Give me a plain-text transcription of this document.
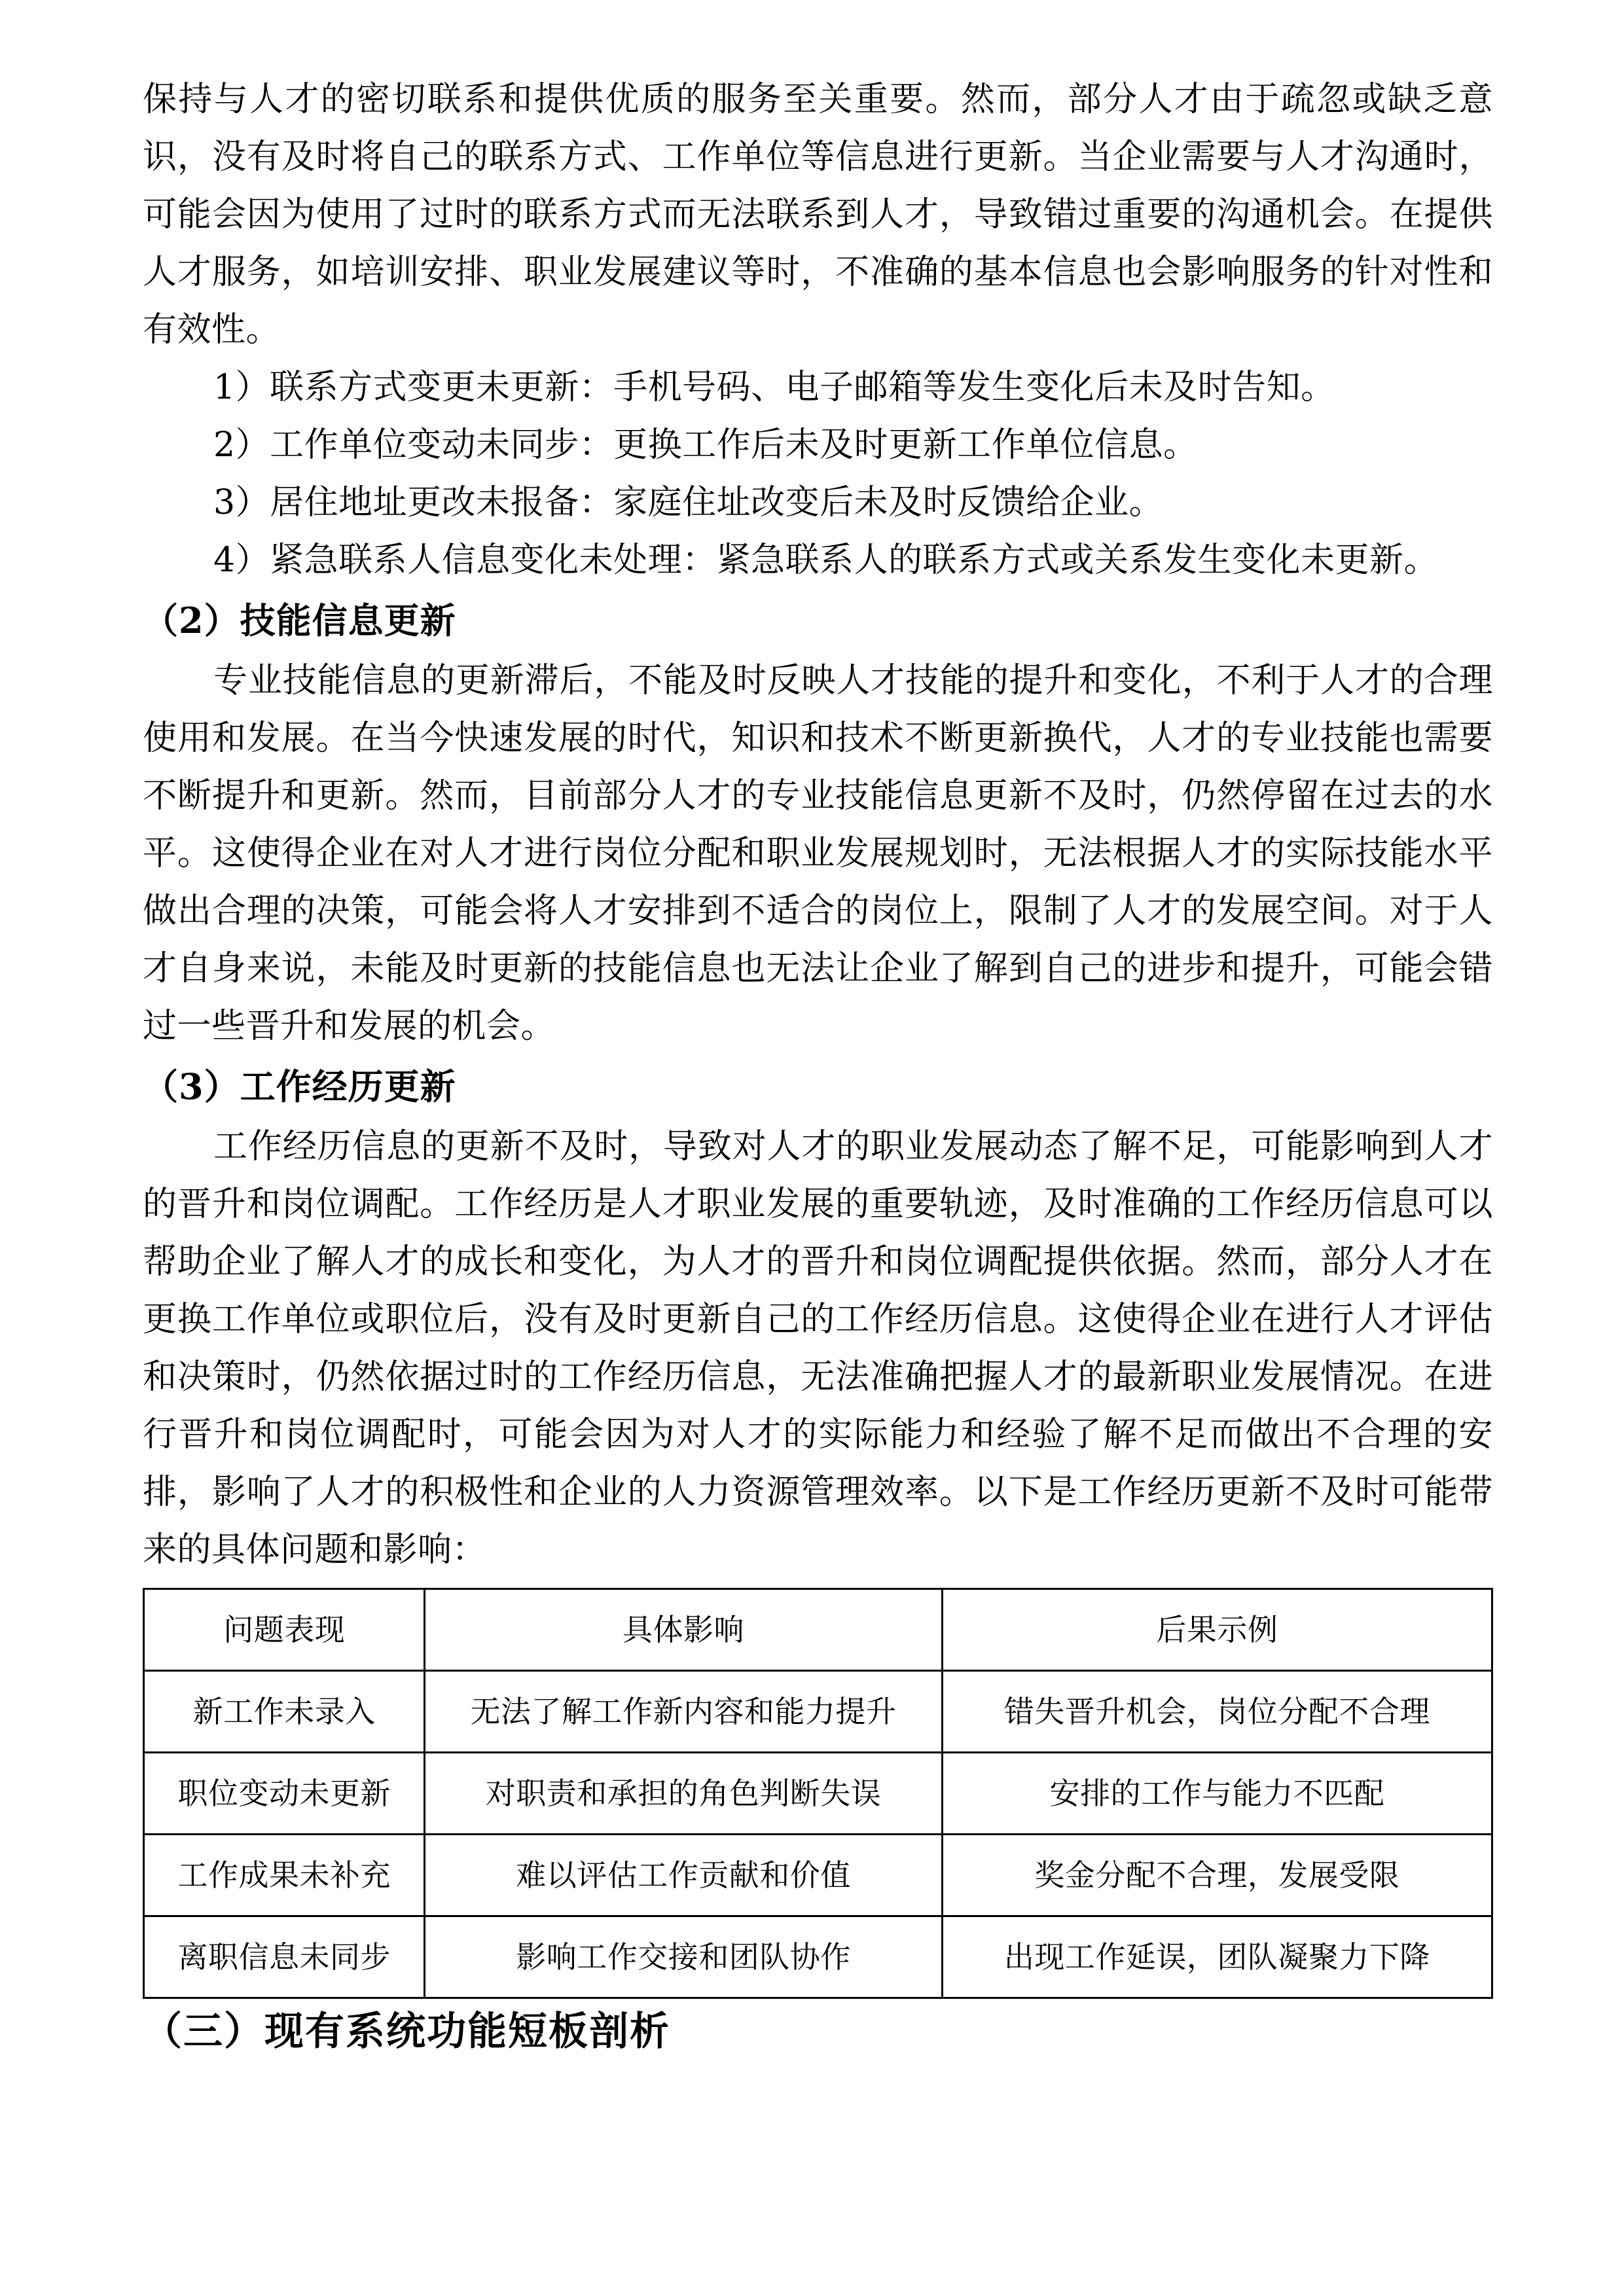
保持与人才的密切联系和提供优质的服务至关重要。然而，部分人才由于疏忽或缺乏意识，没有及时将自己的联系方式、工作单位等信息进行更新。当企业需要与人才沟通时，可能会因为使用了过时的联系方式而无法联系到人才，导致错过重要的沟通机会。在提供人才服务，如培训安排、职业发展建议等时，不准确的基本信息也会影响服务的针对性和有效性。

1）联系方式变更未更新：手机号码、电子邮箱等发生变化后未及时告知。

2）工作单位变动未同步：更换工作后未及时更新工作单位信息。

3）居住地址更改未报备：家庭住址改变后未及时反馈给企业。

4）紧急联系人信息变化未处理：紧急联系人的联系方式或关系发生变化未更新。

（2）技能信息更新

专业技能信息的更新滞后，不能及时反映人才技能的提升和变化，不利于人才的合理使用和发展。在当今快速发展的时代，知识和技术不断更新换代，人才的专业技能也需要不断提升和更新。然而，目前部分人才的专业技能信息更新不及时，仍然停留在过去的水平。这使得企业在对人才进行岗位分配和职业发展规划时，无法根据人才的实际技能水平做出合理的决策，可能会将人才安排到不适合的岗位上，限制了人才的发展空间。对于人才自身来说，未能及时更新的技能信息也无法让企业了解到自己的进步和提升，可能会错过一些晋升和发展的机会。

（3）工作经历更新

工作经历信息的更新不及时，导致对人才的职业发展动态了解不足，可能影响到人才的晋升和岗位调配。工作经历是人才职业发展的重要轨迹，及时准确的工作经历信息可以帮助企业了解人才的成长和变化，为人才的晋升和岗位调配提供依据。然而，部分人才在更换工作单位或职位后，没有及时更新自己的工作经历信息。这使得企业在进行人才评估和决策时，仍然依据过时的工作经历信息，无法准确把握人才的最新职业发展情况。在进行晋升和岗位调配时，可能会因为对人才的实际能力和经验了解不足而做出不合理的安排，影响了人才的积极性和企业的人力资源管理效率。以下是工作经历更新不及时可能带来的具体问题和影响：

问题表现	具体影响	后果示例
新工作未录入	无法了解工作新内容和能力提升	错失晋升机会，岗位分配不合理
职位变动未更新	对职责和承担的角色判断失误	安排的工作与能力不匹配
工作成果未补充	难以评估工作贡献和价值	奖金分配不合理，发展受限
离职信息未同步	影响工作交接和团队协作	出现工作延误，团队凝聚力下降

（三）现有系统功能短板剖析
